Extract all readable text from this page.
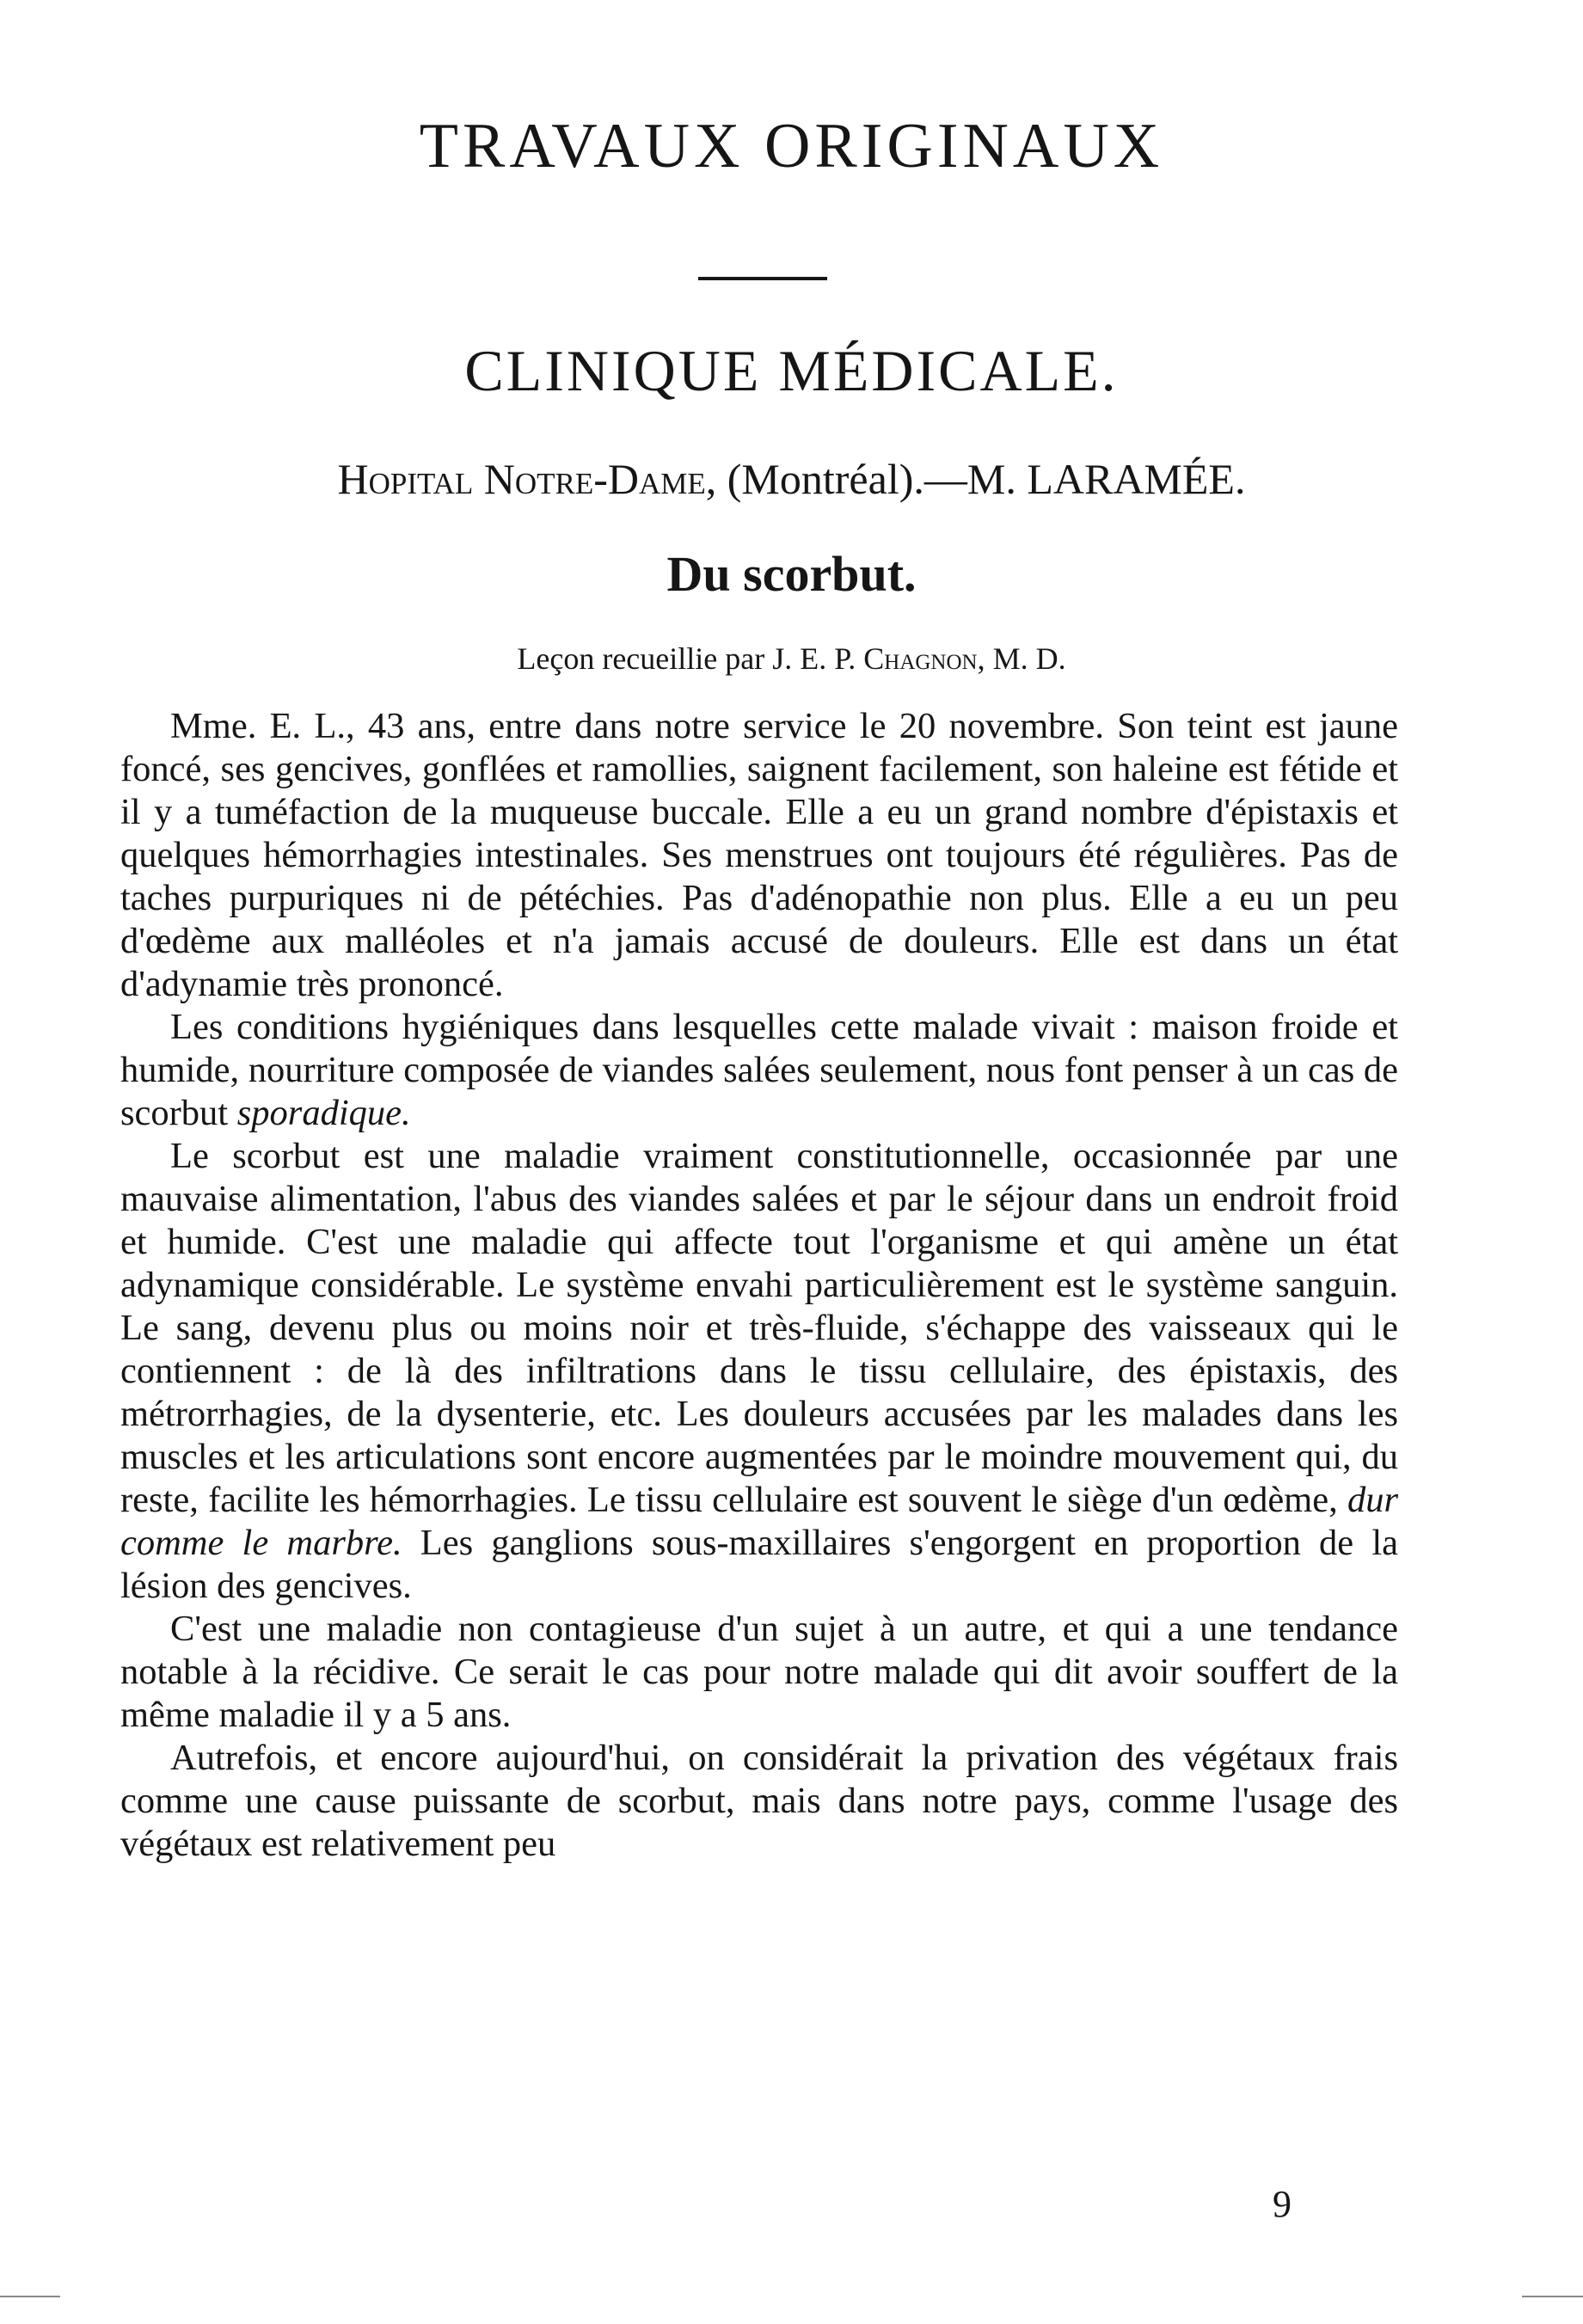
TRAVAUX ORIGINAUX
CLINIQUE MÉDICALE.

Hopital Notre-Dame, (Montréal).—M. LARAMÉE.

Du scorbut.

Leçon recueillie par J. E. P. Chagnon, M. D.

Mme. E. L., 43 ans, entre dans notre service le 20 novembre. Son teint est jaune foncé, ses gencives, gonflées et ramollies, saignent facilement, son haleine est fétide et il y a tuméfaction de la muqueuse buccale. Elle a eu un grand nombre d'épistaxis et quelques hémorrhagies intestinales. Ses menstrues ont toujours été régulières. Pas de taches purpuriques ni de pétéchies. Pas d'adénopathie non plus. Elle a eu un peu d'œdème aux malléoles et n'a jamais accusé de douleurs. Elle est dans un état d'adynamie très prononcé.

Les conditions hygiéniques dans lesquelles cette malade vivait : maison froide et humide, nourriture composée de viandes salées seulement, nous font penser à un cas de scorbut sporadique.

Le scorbut est une maladie vraiment constitutionnelle, occasionnée par une mauvaise alimentation, l'abus des viandes salées et par le séjour dans un endroit froid et humide. C'est une maladie qui affecte tout l'organisme et qui amène un état adynamique considérable. Le système envahi particulièrement est le système sanguin. Le sang, devenu plus ou moins noir et très-fluide, s'échappe des vaisseaux qui le contiennent : de là des infiltrations dans le tissu cellulaire, des épistaxis, des métrorrhagies, de la dysenterie, etc. Les douleurs accusées par les malades dans les muscles et les articulations sont encore augmentées par le moindre mouvement qui, du reste, facilite les hémorrhagies. Le tissu cellulaire est souvent le siège d'un œdème, dur comme le marbre. Les ganglions sous-maxillaires s'engorgent en proportion de la lésion des gencives.

C'est une maladie non contagieuse d'un sujet à un autre, et qui a une tendance notable à la récidive. Ce serait le cas pour notre malade qui dit avoir souffert de la même maladie il y a 5 ans.

Autrefois, et encore aujourd'hui, on considérait la privation des végétaux frais comme une cause puissante de scorbut, mais dans notre pays, comme l'usage des végétaux est relativement peu

9
